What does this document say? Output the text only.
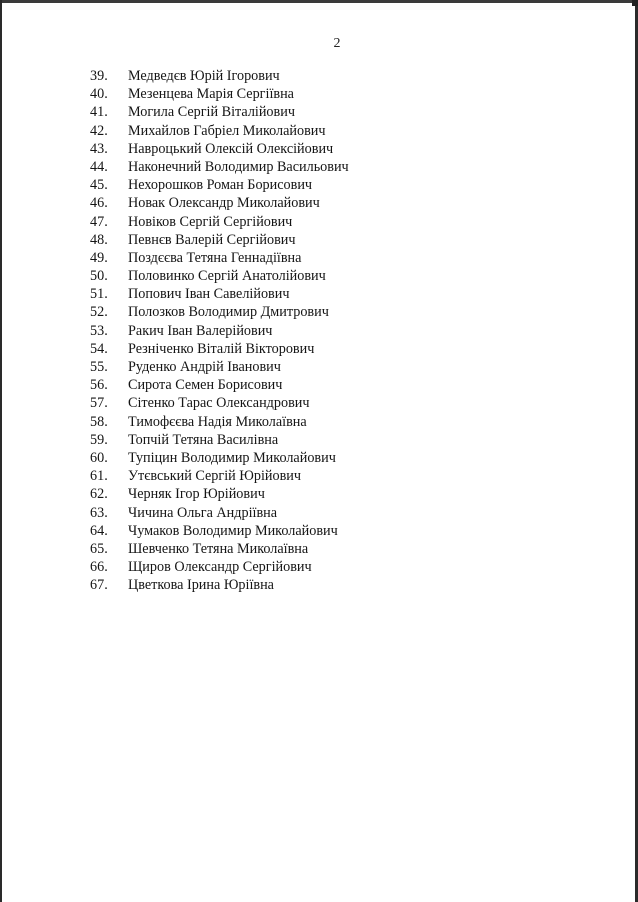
2
39.	Медведєв Юрій Ігорович
40.	Мезенцева Марія Сергіївна
41.	Могила Сергій Віталійович
42.	Михайлов Габріел Миколайович
43.	Навроцький Олексій Олексійович
44.	Наконечний Володимир Васильович
45.	Нехорошков Роман Борисович
46.	Новак Олександр Миколайович
47.	Новіков Сергій Сергійович
48.	Певнєв Валерій Сергійович
49.	Поздєєва Тетяна Геннадіївна
50.	Половинко Сергій Анатолійович
51.	Попович Іван Савелійович
52.	Полозков Володимир Дмитрович
53.	Ракич Іван Валерійович
54.	Резніченко Віталій Вікторович
55.	Руденко Андрій Іванович
56.	Сирота Семен Борисович
57.	Сітенко Тарас Олександрович
58.	Тимофєєва Надія Миколаївна
59.	Топчій Тетяна Василівна
60.	Тупіцин Володимир Миколайович
61.	Утєвський Сергій Юрійович
62.	Черняк Ігор Юрійович
63.	Чичина Ольга Андріївна
64.	Чумаков Володимир Миколайович
65.	Шевченко Тетяна Миколаївна
66.	Щиров Олександр Сергійович
67.	Цветкова Ірина Юріївна
